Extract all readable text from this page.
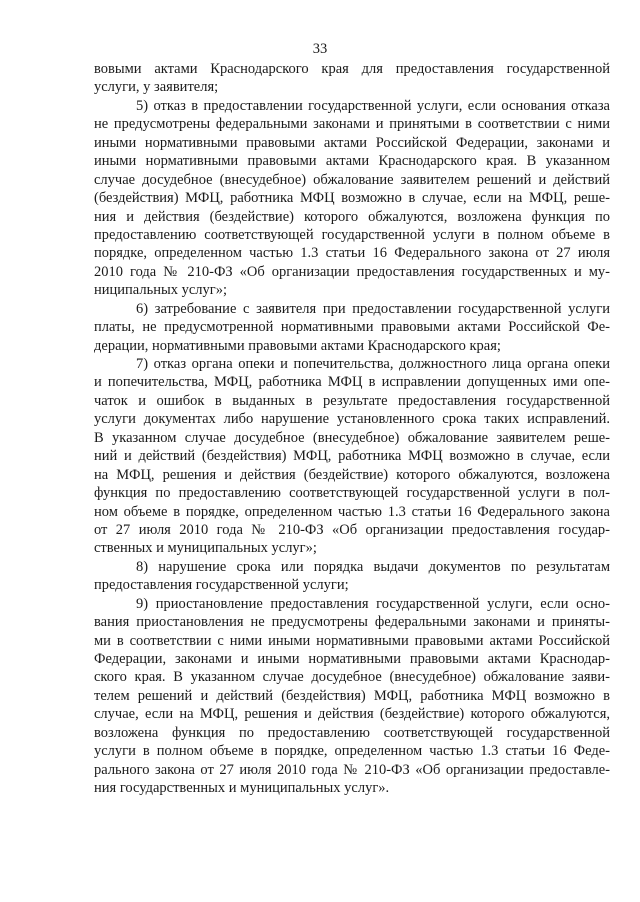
33
вовыми актами Краснодарского края для предоставления государственной
услуги, у заявителя;
5) отказ в предоставлении государственной услуги, если основания отказа
не предусмотрены федеральными законами и принятыми в соответствии с ними
иными нормативными правовыми актами Российской Федерации, законами и
иными нормативными правовыми актами Краснодарского края. В указанном
случае досудебное (внесудебное) обжалование заявителем решений и действий
(бездействия) МФЦ, работника МФЦ возможно в случае, если на МФЦ, реше-
ния и действия (бездействие) которого обжалуются, возложена функция по
предоставлению соответствующей государственной услуги в полном объеме в
порядке, определенном частью 1.3 статьи 16 Федерального закона от 27 июля
2010 года № 210-ФЗ «Об организации предоставления государственных и му-
ниципальных услуг»;
6) затребование с заявителя при предоставлении государственной услуги
платы, не предусмотренной нормативными правовыми актами Российской Фе-
дерации, нормативными правовыми актами Краснодарского края;
7) отказ органа опеки и попечительства, должностного лица органа опеки
и попечительства, МФЦ, работника МФЦ в исправлении допущенных ими опе-
чаток и ошибок в выданных в результате предоставления государственной
услуги документах либо нарушение установленного срока таких исправлений.
В указанном случае досудебное (внесудебное) обжалование заявителем реше-
ний и действий (бездействия) МФЦ, работника МФЦ возможно в случае, если
на МФЦ, решения и действия (бездействие) которого обжалуются, возложена
функция по предоставлению соответствующей государственной услуги в пол-
ном объеме в порядке, определенном частью 1.3 статьи 16 Федерального закона
от 27 июля 2010 года № 210-ФЗ «Об организации предоставления государ-
ственных и муниципальных услуг»;
8) нарушение срока или порядка выдачи документов по результатам
предоставления государственной услуги;
9) приостановление предоставления государственной услуги, если осно-
вания приостановления не предусмотрены федеральными законами и приняты-
ми в соответствии с ними иными нормативными правовыми актами Российской
Федерации, законами и иными нормативными правовыми актами Краснодар-
ского края. В указанном случае досудебное (внесудебное) обжалование заяви-
телем решений и действий (бездействия) МФЦ, работника МФЦ возможно в
случае, если на МФЦ, решения и действия (бездействие) которого обжалуются,
возложена функция по предоставлению соответствующей государственной
услуги в полном объеме в порядке, определенном частью 1.3 статьи 16 Феде-
рального закона от 27 июля 2010 года № 210-ФЗ «Об организации предоставле-
ния государственных и муниципальных услуг».
